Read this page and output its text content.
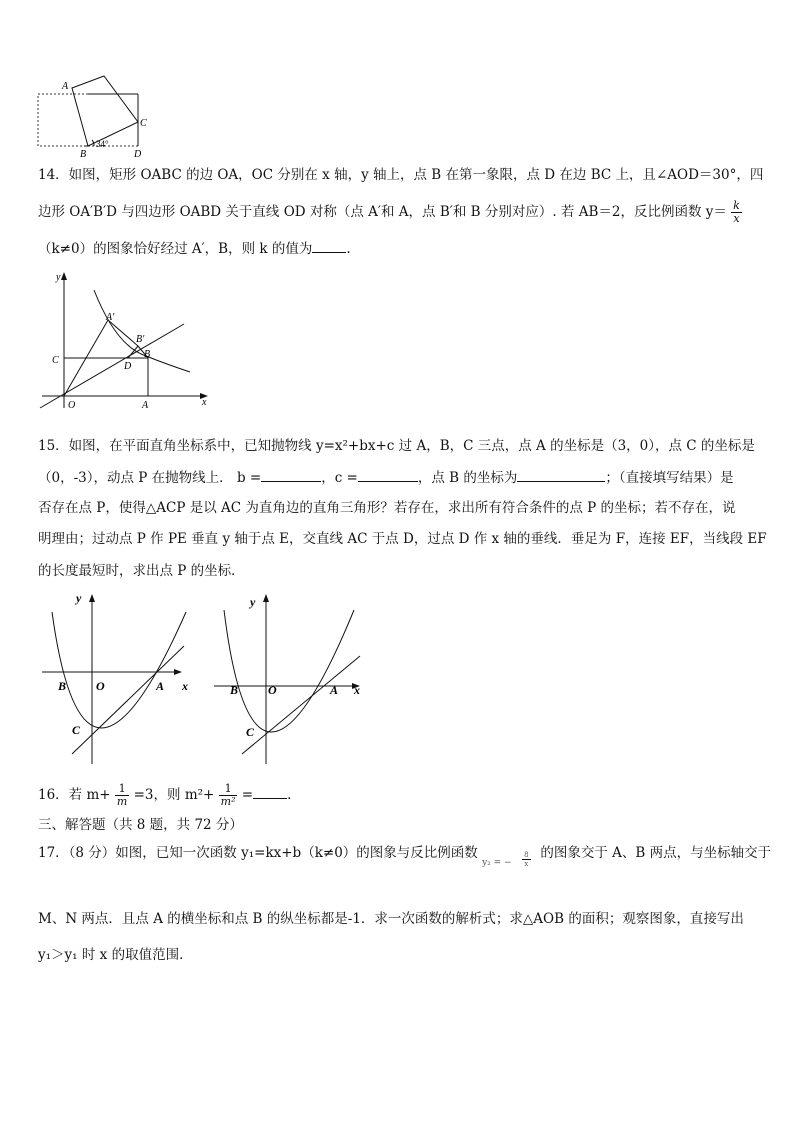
A
C
B	D
34°
14．如图，矩形 OABC 的边 OA，OC 分别在 x 轴，y 轴上，点 B 在第一象限，点 D 在边 BC 上，且∠AOD＝30°，四
边形 OA′B′D 与四边形 OABD 关于直线 OD 对称（点 A′和 A，点 B′和 B 分别对应）. 若 AB＝2，反比例函数 $y= \frac{k}{x}$
（k≠0）的图象恰好经过 A′，B，则 k 的值为	.
y
x
O	A
C
D
B
A′
B′
15．如图，在平面直角坐标系中，已知抛物线 y=x²+bx+c 过 A，B，C 三点，点 A 的坐标是（3，0），点 C 的坐标是
（0，-3），动点 P 在抛物线上． b =	，c =	，点 B 的坐标为	；（直接填写结果）是
否存在点 P，使得△ACP 是以 AC 为直角边的直角三角形？若存在，求出所有符合条件的点 P 的坐标；若不存在，说
明理由；过动点 P 作 PE 垂直 y 轴于点 E，交直线 AC 于点 D，过点 D 作 x 轴的垂线．垂足为 F，连接 EF，当线段 EF
的长度最短时，求出点 P 的坐标．
y
x
B O	A
C
y
x
B O	A
C
16．若 $m+ \frac{1}{m} =3$，则 $m^2+ \frac{1}{\text{m²}}$ =	.
三、解答题（共 8 题，共 72 分）
17．（8 分）如图，已知一次函数 y₁=kx+b（k≠0）的图象与反比例函数
y₂ = − $\frac{8}{x}$ 的图象交于 A、B 两点，与坐标轴交于
M、N 两点．且点 A 的横坐标和点 B 的纵坐标都是-1．求一次函数的解析式；求△AOB 的面积；观察图象，直接写出
y₁＞y₁ 时 x 的取值范围．
